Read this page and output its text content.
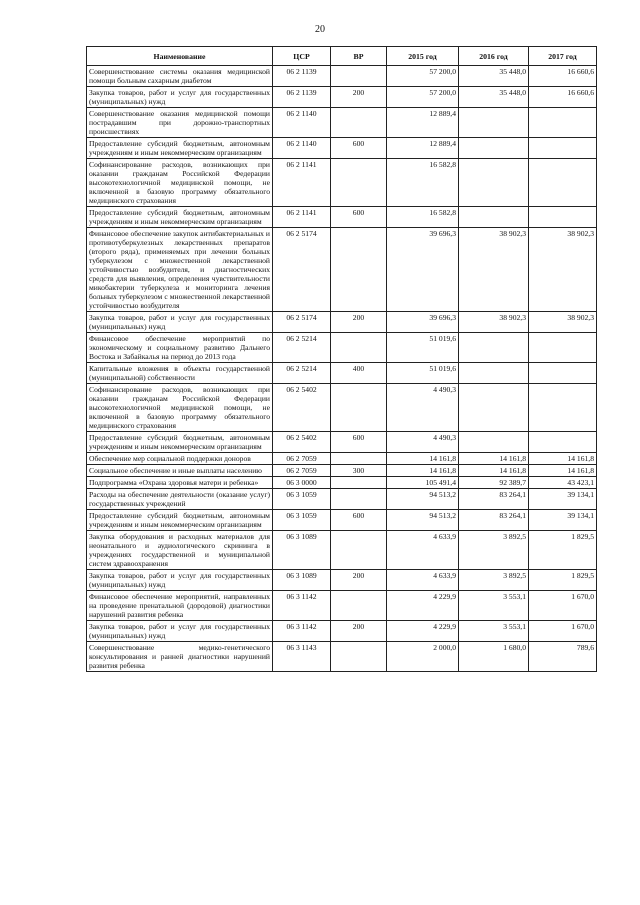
20
Наименование	ЦСР	ВР	2015 год	2016 год	2017 год
Совершенствование системы оказания медицинской помощи больным сахарным диабетом	06 2 1139		57 200,0	35 448,0	16 660,6
Закупка товаров, работ и услуг для государственных (муниципальных) нужд	06 2 1139	200	57 200,0	35 448,0	16 660,6
Совершенствование оказания медицинской помощи пострадавшим при дорожно-транспортных происшествиях	06 2 1140		12 889,4		
Предоставление субсидий бюджетным, автономным учреждениям и иным некоммерческим организациям	06 2 1140	600	12 889,4		
Софинансирование расходов, возникающих при оказании гражданам Российской Федерации высокотехнологичной медицинской помощи, не включенной в базовую программу обязательного медицинского страхования	06 2 1141		16 582,8		
Предоставление субсидий бюджетным, автономным учреждениям и иным некоммерческим организациям	06 2 1141	600	16 582,8		
Финансовое обеспечение закупок антибактериальных и противотуберкулезных лекарственных препаратов (второго ряда), применяемых при лечении больных туберкулезом с множественной лекарственной устойчивостью возбудителя, и диагностических средств для выявления, определения чувствительности микобактерии туберкулеза и мониторинга лечения больных туберкулезом с множественной лекарственной устойчивостью возбудителя	06 2 5174		39 696,3	38 902,3	38 902,3
Закупка товаров, работ и услуг для государственных (муниципальных) нужд	06 2 5174	200	39 696,3	38 902,3	38 902,3
Финансовое обеспечение мероприятий по экономическому и социальному развитию Дальнего Востока и Забайкалья на период до 2013 года	06 2 5214		51 019,6		
Капитальные вложения в объекты государственной (муниципальной) собственности	06 2 5214	400	51 019,6		
Софинансирование расходов, возникающих при оказании гражданам Российской Федерации высокотехнологичной медицинской помощи, не включенной в базовую программу обязательного медицинского страхования	06 2 5402		4 490,3		
Предоставление субсидий бюджетным, автономным учреждениям и иным некоммерческим организациям	06 2 5402	600	4 490,3		
Обеспечение мер социальной поддержки доноров	06 2 7059		14 161,8	14 161,8	14 161,8
Социальное обеспечение и иные выплаты населению	06 2 7059	300	14 161,8	14 161,8	14 161,8
Подпрограмма «Охрана здоровья матери и ребенка»	06 3 0000		105 491,4	92 389,7	43 423,1
Расходы на обеспечение деятельности (оказание услуг) государственных учреждений	06 3 1059		94 513,2	83 264,1	39 134,1
Предоставление субсидий бюджетным, автономным учреждениям и иным некоммерческим организациям	06 3 1059	600	94 513,2	83 264,1	39 134,1
Закупка оборудования и расходных материалов для неонатального и аудиологического скрининга в учреждениях государственной и муниципальной систем здравоохранения	06 3 1089		4 633,9	3 892,5	1 829,5
Закупка товаров, работ и услуг для государственных (муниципальных) нужд	06 3 1089	200	4 633,9	3 892,5	1 829,5
Финансовое обеспечение мероприятий, направленных на проведение пренатальной (дородовой) диагностики нарушений развития ребенка	06 3 1142		4 229,9	3 553,1	1 670,0
Закупка товаров, работ и услуг для государственных (муниципальных) нужд	06 3 1142	200	4 229,9	3 553,1	1 670,0
Совершенствование медико-генетического консультирования и ранней диагностики нарушений развития ребенка	06 3 1143		2 000,0	1 680,0	789,6
